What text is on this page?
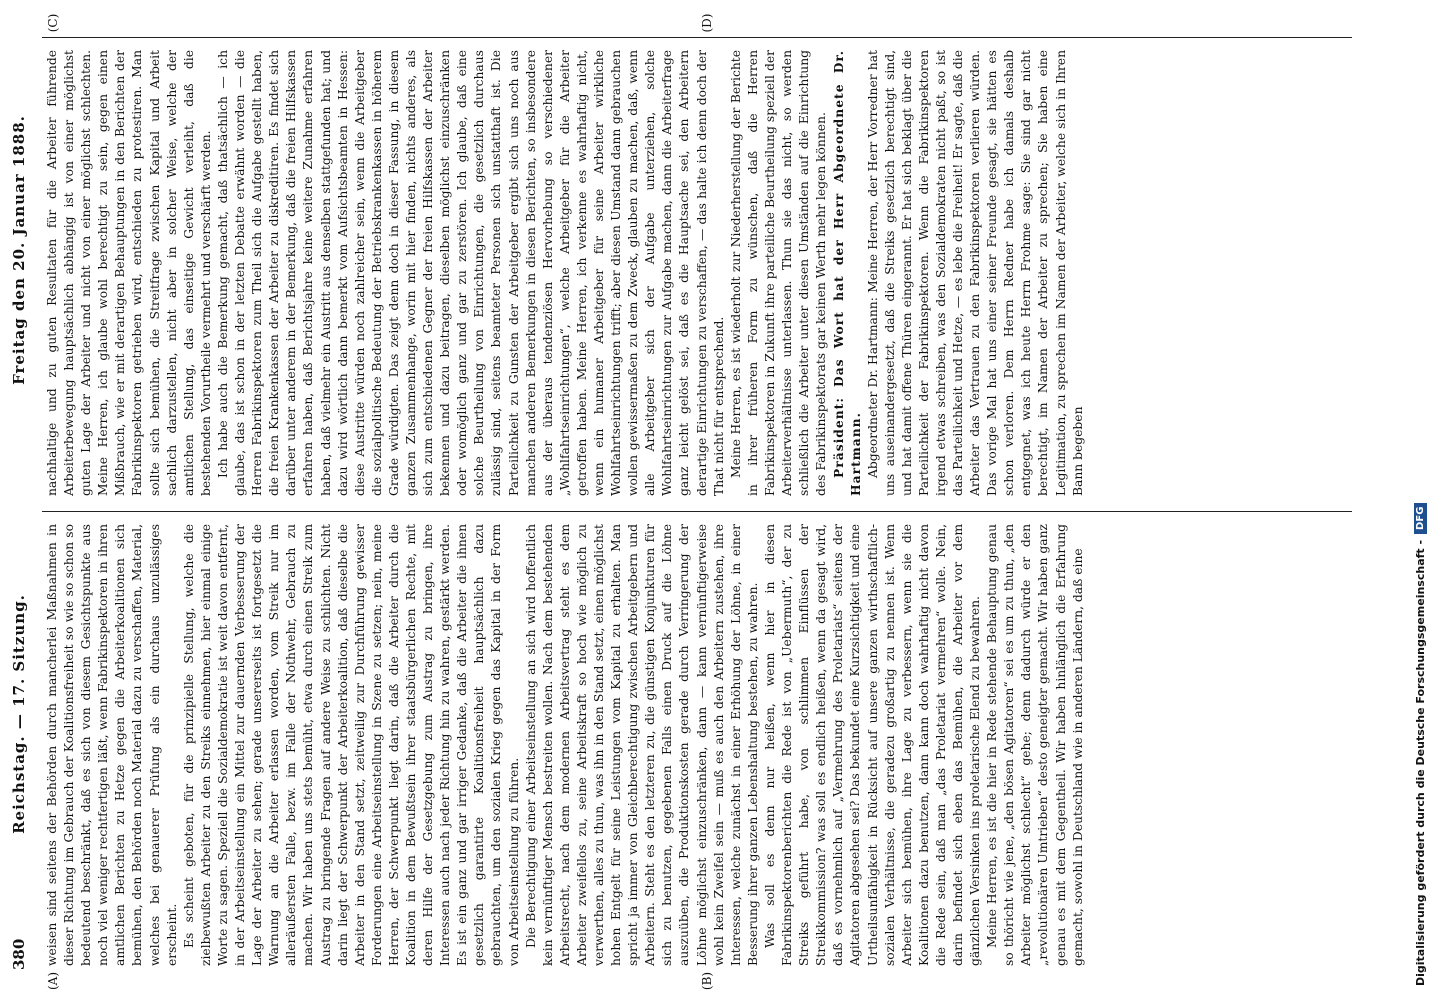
380
Reichstag. — 17. Sitzung.
Freitag den 20. Januar 1888.
(A)	(B)
(C)	(D)

weisen sind seitens der Behörden durch mancherlei Maßnahmen in dieser Richtung im Gebrauch der Koalitionsfreiheit so wie so schon so bedeutend beschränkt, daß es sich von diesem Gesichtspunkte aus noch viel weniger rechtfertigen läßt, wenn Fabrikinspektoren in ihren amtlichen Berichten zu Hetze gegen die Arbeiterkoalitionen sich bemühen, den Behörden noch Material dazu zu verschaffen, Material, welches bei genauerer Prüfung als ein durchaus unzulässiges erscheint. Es scheint geboten, für die prinzipielle Stellung, welche die zielbewußten Arbeiter zu den Streiks einnehmen, hier einmal einige Worte zu sagen. Speziell die Sozialdemokratie ist weit davon entfernt, in der Arbeitseinstellung ein Mittel zur dauernden Verbesserung der Lage der Arbeiter zu sehen; gerade unsererseits ist fortgesetzt die Warnung an die Arbeiter erlassen worden, vom Streik nur im alleräußersten Falle, bezw. im Falle der Nothwehr, Gebrauch zu machen. Wir haben uns stets bemüht, etwa durch einen Streik zum Austrag zu bringende Fragen auf andere Weise zu schlichten. Nicht darin liegt der Schwerpunkt der Arbeiterkoalition, daß dieselbe die Arbeiter in den Stand setzt, zeitweilig zur Durchführung gewisser Forderungen eine Arbeitseinstellung in Szene zu setzen; nein, meine Herren, der Schwerpunkt liegt darin, daß die Arbeiter durch die Koalition in dem Bewußtsein ihrer staatsbürgerlichen Rechte, mit deren Hilfe der Gesetzgebung zum Austrag zu bringen, ihre Interessen auch nach jeder Richtung hin zu wahren, gestärkt werden. Es ist ein ganz und gar irriger Gedanke, daß die Arbeiter die ihnen gesetzlich garantirte Koalitionsfreiheit hauptsächlich dazu gebrauchten, um den sozialen Krieg gegen das Kapital in der Form von Arbeitseinstellung zu führen. Die Berechtigung einer Arbeitseinstellung an sich wird hoffentlich kein vernünftiger Mensch bestreiten wollen. Nach dem bestehenden Arbeitsrecht, nach dem modernen Arbeitsvertrag steht es dem Arbeiter zweifellos zu, seine Arbeitskraft so hoch wie möglich zu verwerthen, alles zu thun, was ihn in den Stand setzt, einen möglichst hohen Entgelt für seine Leistungen vom Kapital zu erhalten. Man spricht ja immer von Gleichberechtigung zwischen Arbeitgebern und Arbeitern. Steht es den letzteren zu, die günstigen Konjunkturen für sich zu benutzen, gegebenen Falls einen Druck auf die Löhne auszuüben, die Produktionskosten gerade durch Verringerung der Löhne möglichst einzuschränken, dann — kann vernünftigerweise wohl kein Zweifel sein — muß es auch den Arbeitern zustehen, ihre Interessen, welche zunächst in einer Erhöhung der Löhne, in einer Besserung ihrer ganzen Lebenshaltung bestehen, zu wahren. Was soll es denn nur heißen, wenn hier in diesen Fabrikinspektorenberichten die Rede ist von „Uebermuth“, der zu Streiks geführt habe, von schlimmen Einflüssen der Streikkommission? was soll es endlich heißen, wenn da gesagt wird, daß es vornehmlich auf „Vermehrung des Proletariats“ seitens der Agitatoren abgesehen sei? Das bekundet eine Kurzsichtigkeit und eine Urtheilsunfähigkeit in Rücksicht auf unsere ganzen wirthschaftlich-sozialen Verhältnisse, die geradezu großartig zu nennen ist. Wenn Arbeiter sich bemühen, ihre Lage zu verbessern, wenn sie die Koalitionen dazu benutzen, dann kann doch wahrhaftig nicht davon die Rede sein, daß man „das Proletariat vermehren“ wolle. Nein, darin befindet sich eben das Bemühen, die Arbeiter vor dem gänzlichen Versinken ins proletarische Elend zu bewahren. Meine Herren, es ist die hier in Rede stehende Behauptung genau so thöricht wie jene, „den bösen Agitatoren“ sei es um zu thun, „den Arbeiter möglichst schlecht“ gehe; denn dadurch würde er den „revolutionären Umtrieben“ desto geneigter gemacht. Wir haben ganz genau es mit dem Gegentheil. Wir haben hinlänglich die Erfahrung gemacht, sowohl in Deutschland wie in anderen Ländern, daß eine

nachhaltige und zu guten Resultaten für die Arbeiter führende Arbeiterbewegung hauptsächlich abhängig ist von einer möglichst guten Lage der Arbeiter und nicht von einer möglichst schlechten. Meine Herren, ich glaube wohl berechtigt zu sein, gegen einen Mißbrauch, wie er mit derartigen Behauptungen in den Berichten der Fabrikinspektoren getrieben wird, entschieden zu protestiren. Man sollte sich bemühen, die Streitfrage zwischen Kapital und Arbeit sachlich darzustellen, nicht aber in solcher Weise, welche der amtlichen Stellung, das einseitige Gewicht verleiht, daß die bestehenden Vorurtheile vermehrt und verschärft werden. Ich habe auch die Bemerkung gemacht, daß thatsächlich — ich glaube, das ist schon in der letzten Debatte erwähnt worden — die Herren Fabrikinspektoren zum Theil sich die Aufgabe gestellt haben, die freien Krankenkassen der Arbeiter zu diskreditiren. Es findet sich darüber unter anderem in der Bemerkung, daß die freien Hilfskassen erfahren haben, daß Berichtsjahre keine weitere Zunahme erfahren haben, daß vielmehr ein Austritt aus denselben stattgefunden hat; und dazu wird wörtlich dann bemerkt vom Aufsichtsbeamten in Hessen: diese Austritte würden noch zahlreicher sein, wenn die Arbeitgeber die sozialpolitische Bedeutung der Betriebskrankenkassen in höherem Grade würdigten. Das zeigt denn doch in dieser Fassung, in diesem ganzen Zusammenhange, worin mit hier finden, nichts anderes, als sich zum entschiedenen Gegner der freien Hilfskassen der Arbeiter bekennen und dazu beitragen, dieselben möglichst einzuschränken oder womöglich ganz und gar zu zerstören. Ich glaube, daß eine solche Beurtheilung von Einrichtungen, die gesetzlich durchaus zulässig sind, seitens beamteter Personen sich unstatthaft ist. Die Parteilichkeit zu Gunsten der Arbeitgeber ergibt sich uns noch aus manchen anderen Bemerkungen in diesen Berichten, so insbesondere aus der überaus tendenziösen Hervorhebung so verschiedener „Wohlfahrtseinrichtungen“, welche Arbeitgeber für die Arbeiter getroffen haben. Meine Herren, ich verkenne es wahrhaftig nicht, wenn ein humaner Arbeitgeber für seine Arbeiter wirkliche Wohlfahrtseinrichtungen trifft; aber diesen Umstand dann gebrauchen wollen gewissermaßen zu dem Zweck, glauben zu machen, daß, wenn alle Arbeitgeber sich der Aufgabe unterziehen, solche Wohlfahrtseinrichtungen zur Aufgabe machen, dann die Arbeiterfrage ganz leicht gelöst sei, daß es die Hauptsache sei, den Arbeitern derartige Einrichtungen zu verschaffen, — das halte ich denn doch der That nicht für entsprechend. Meine Herren, es ist wiederholt zur Niederherstellung der Berichte in ihrer früheren Form zu wünschen, daß die Herren Fabrikinspektoren in Zukunft ihre parteiliche Beurtheilung speziell der Arbeiterverhältnisse unterlassen. Thun sie das nicht, so werden schließlich die Arbeiter unter diesen Umständen auf die Einrichtung des Fabrikinspektorats gar keinen Werth mehr legen können. Präsident: Das Wort hat der Herr Abgeordnete Dr. Hartmann. Abgeordneter Dr. Hartmann: Meine Herren, der Herr Vorredner hat uns auseinandergesetzt, daß die Streiks gesetzlich berechtigt sind, und hat damit offene Thüren eingerannt. Er hat sich beklagt über die Parteilichkeit der Fabrikinspektoren. Wenn die Fabrikinspektoren irgend etwas schreiben, was den Sozialdemokraten nicht paßt, so ist das Parteilichkeit und Hetze, — es lebe die Freiheit! Er sagte, daß die Arbeiter das Vertrauen zu den Fabrikinspektoren verlieren würden. Das vorige Mal hat uns einer seiner Freunde gesagt, sie hätten es schon verloren. Dem Herrn Redner habe ich damals deshalb entgegnet, was ich heute Herrn Frohme sage: Sie sind gar nicht berechtigt, im Namen der Arbeiter zu sprechen; Sie haben eine Legitimation, zu sprechen im Namen der Arbeiter, welche sich in Ihren Bann begeben

Digitalisierung gefördert durch die Deutsche Forschungsgemeinschaft -
DFG
